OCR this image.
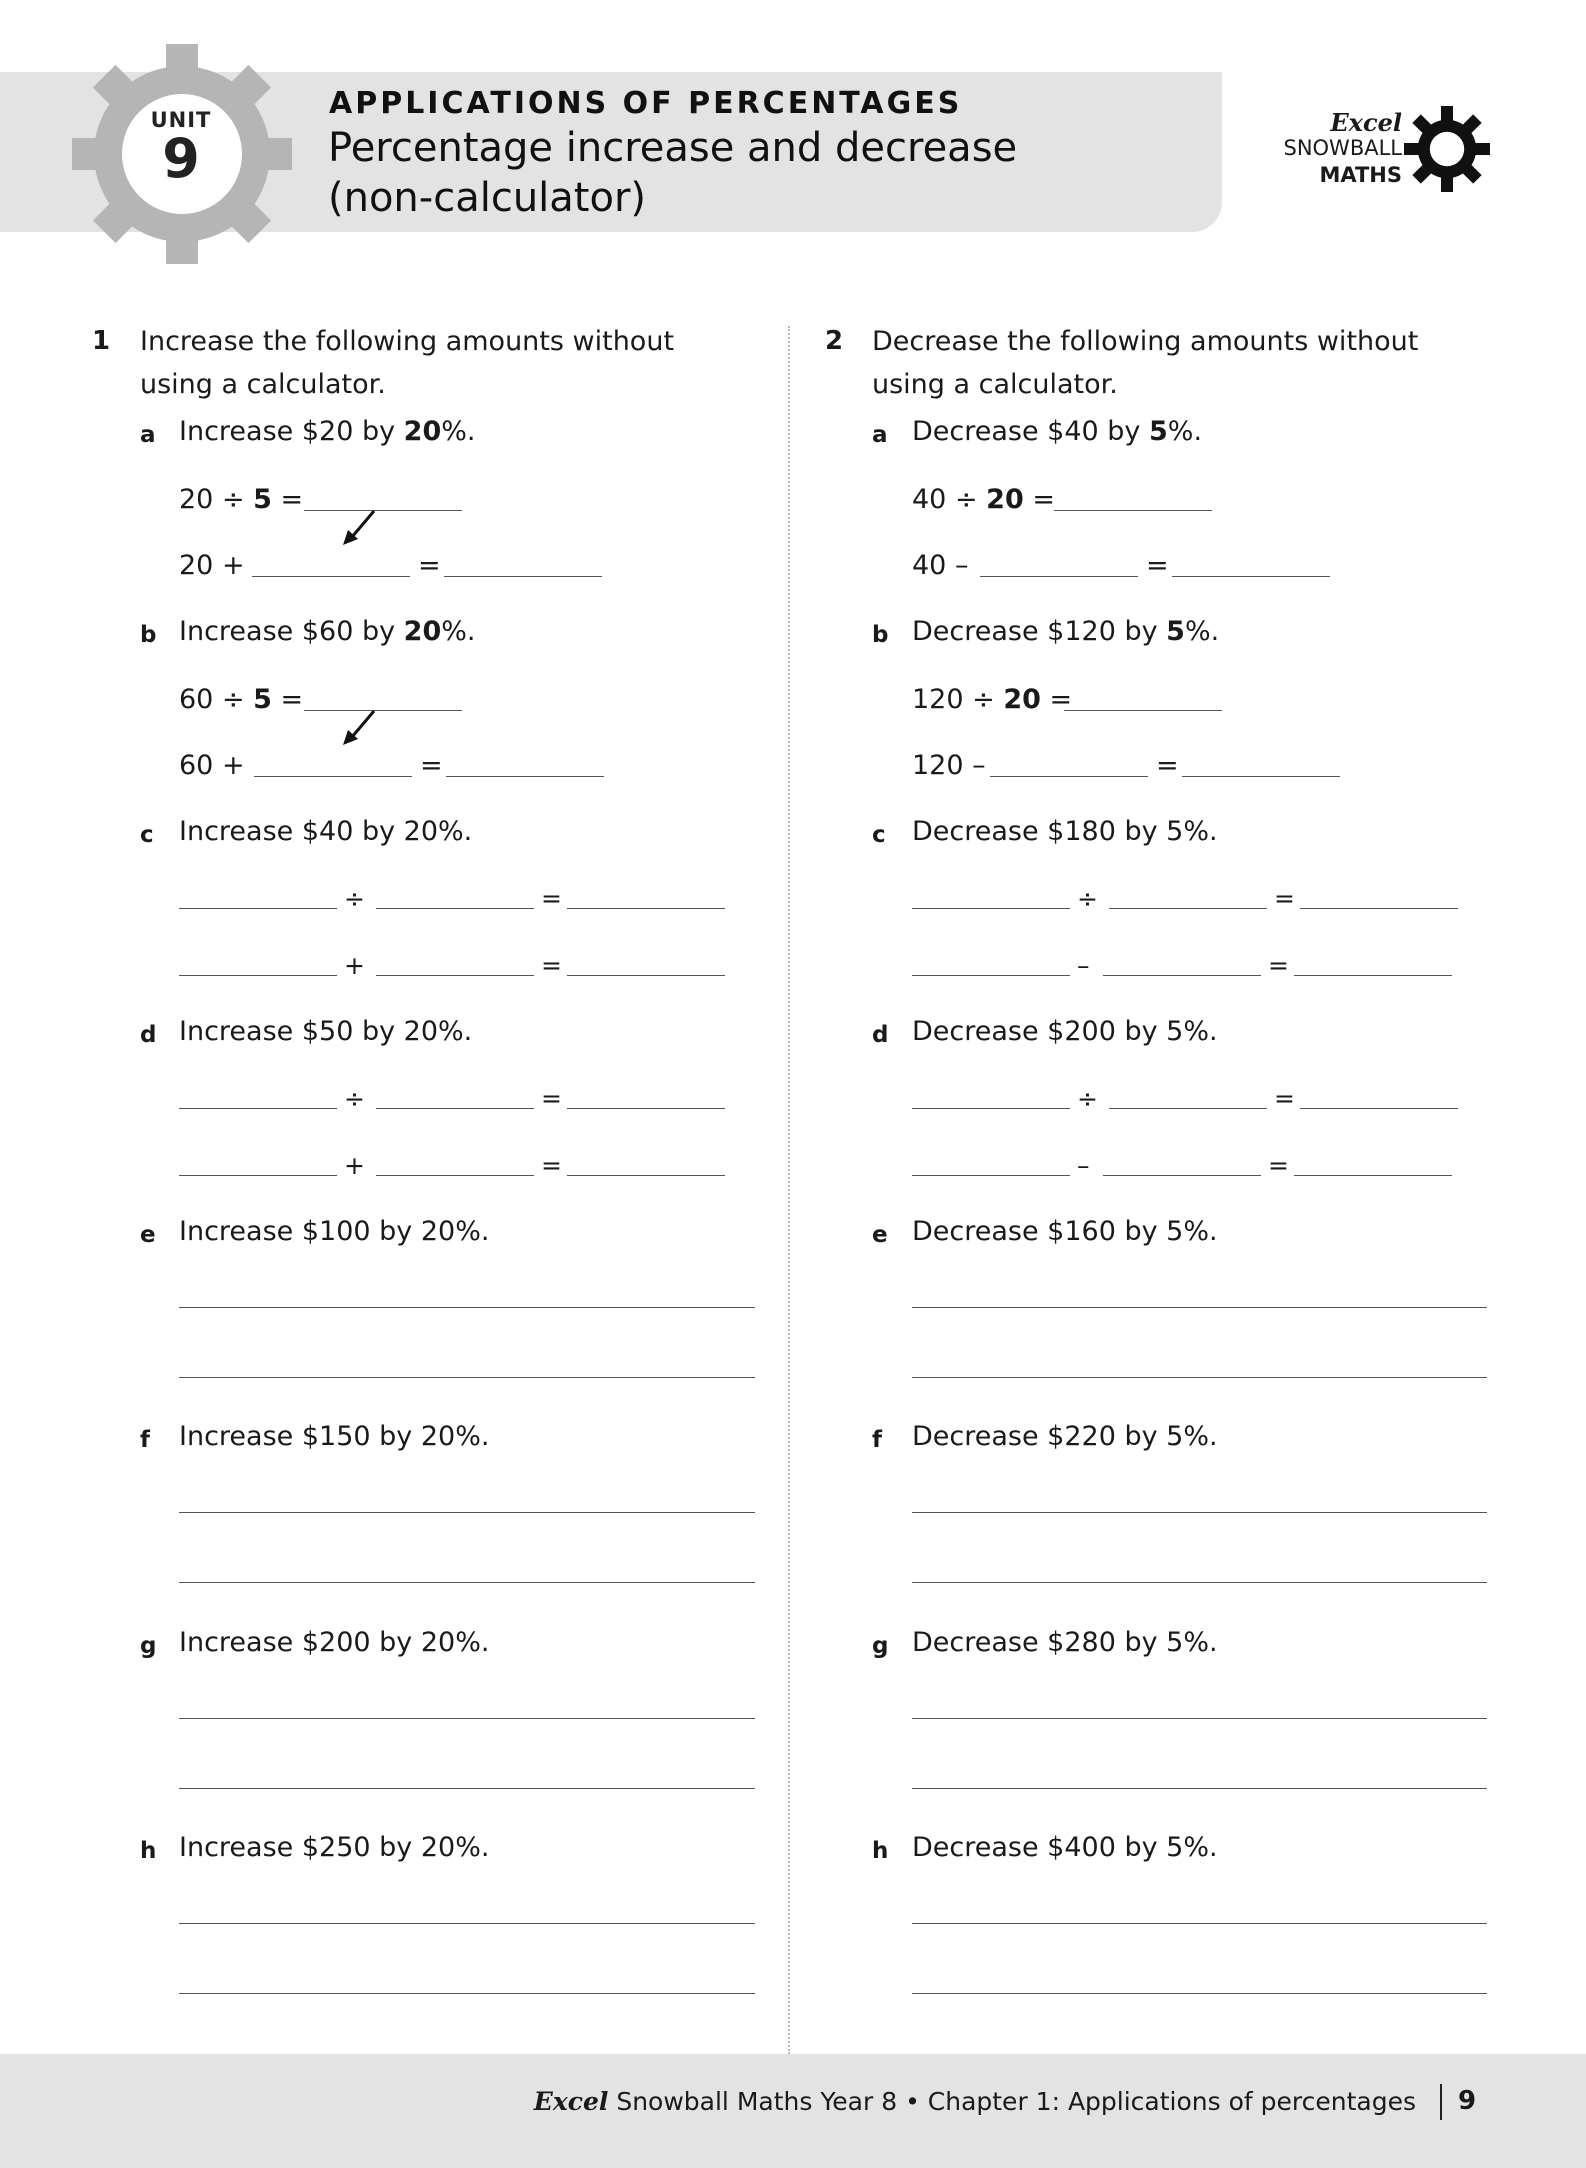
UNIT
9
APPLICATIONS OF PERCENTAGES
Percentage increase and decrease
(non-calculator)
Excel
SNOWBALL
MATHS
1 Increase the following amounts without
using a calculator.
a Increase $20 by 20%.
20 ÷ 5 =
20 +	=
b Increase $60 by 20%.
60 ÷ 5 =
60 +	=
c Increase $40 by 20%.
÷	=
+	=
d Increase $50 by 20%.
÷	=
+	=
e Increase $100 by 20%.
f Increase $150 by 20%.
g Increase $200 by 20%.
h Increase $250 by 20%.
2 Decrease the following amounts without
using a calculator.
a Decrease $40 by 5%.
40 ÷ 20 =
40 –	=
b Decrease $120 by 5%.
120 ÷ 20 =
120 –	=
c Decrease $180 by 5%.
÷	=
–	=
d Decrease $200 by 5%.
÷	=
–	=
e Decrease $160 by 5%.
f Decrease $220 by 5%.
g Decrease $280 by 5%.
h Decrease $400 by 5%.
Excel Snowball Maths Year 8 • Chapter 1: Applications of percentages 9
